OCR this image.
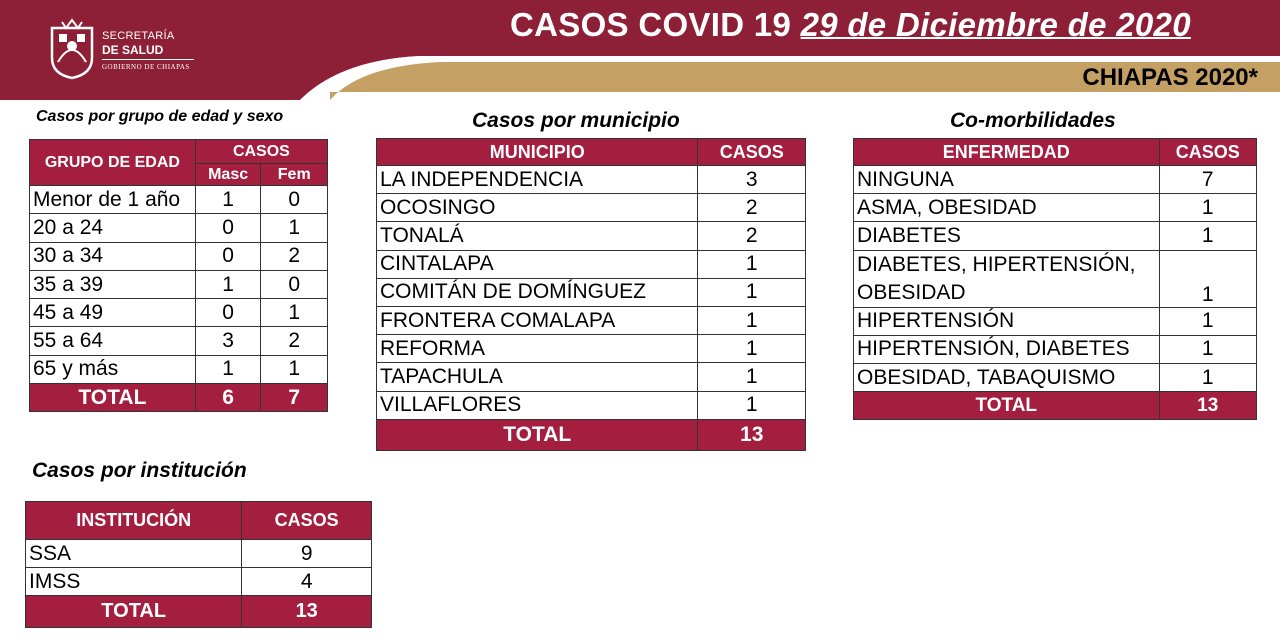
SECRETARÍA
DE SALUD
GOBIERNO DE CHIAPAS
CASOS COVID 19 29 de Diciembre de 2020
CHIAPAS 2020*
Casos por grupo de edad y sexo
GRUPO DE EDAD	CASOS	
	Masc	Fem
Menor de 1 año	1	0
20 a 24	0	1
30 a 34	0	2
35 a 39	1	0
45 a 49	0	1
55 a 64	3	2
65 y más	1	1
TOTAL	6	7
Casos por municipio
MUNICIPIO	CASOS
LA INDEPENDENCIA	3
OCOSINGO	2
TONALÁ	2
CINTALAPA	1
COMITÁN DE DOMÍNGUEZ	1
FRONTERA COMALAPA	1
REFORMA	1
TAPACHULA	1
VILLAFLORES	1
TOTAL	13
Co-morbilidades
ENFERMEDAD	CASOS
NINGUNA	7
ASMA, OBESIDAD	1
DIABETES	1
DIABETES, HIPERTENSIÓN, OBESIDAD	1
HIPERTENSIÓN	1
HIPERTENSIÓN, DIABETES	1
OBESIDAD, TABAQUISMO	1
TOTAL	13
Casos por institución
INSTITUCIÓN	CASOS
SSA	9
IMSS	4
TOTAL	13
